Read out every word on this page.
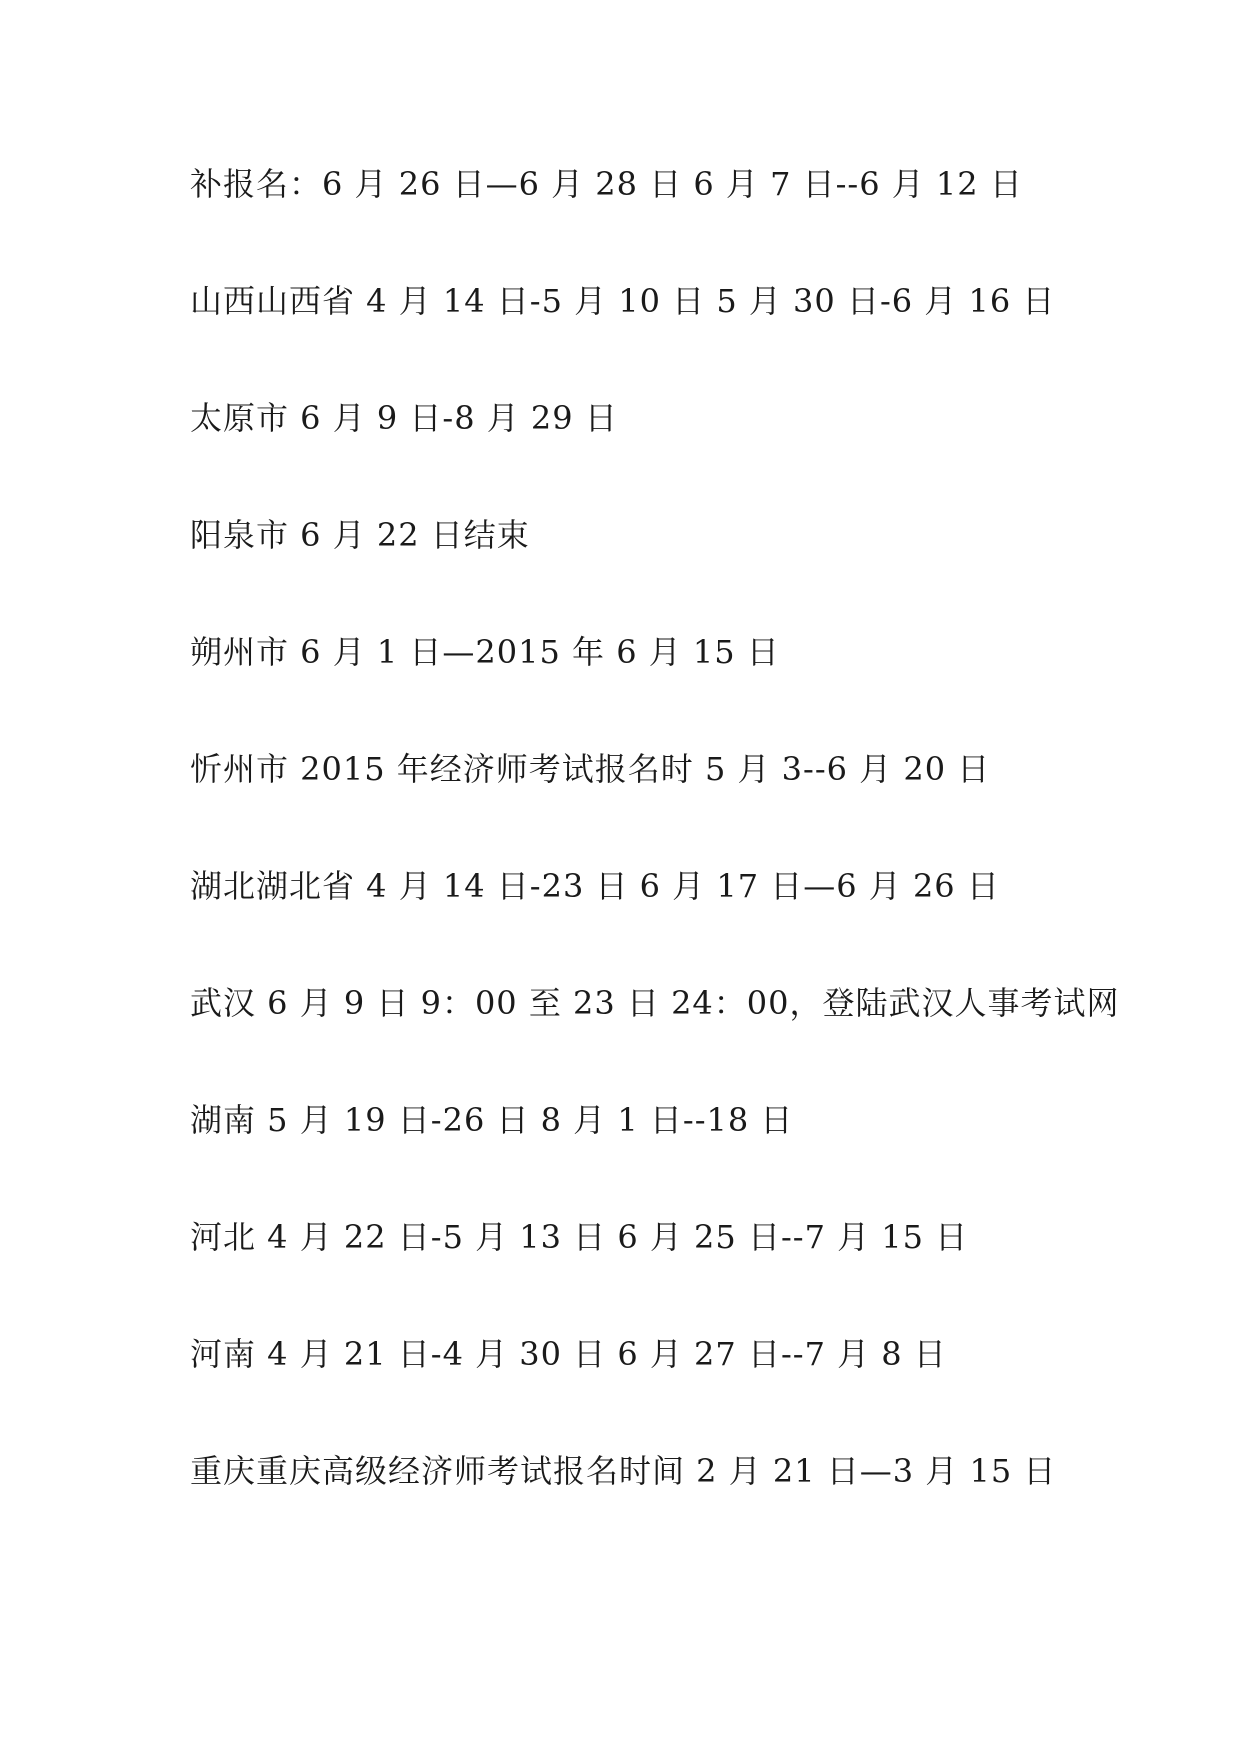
补报名：6 月 26 日—6 月 28 日 6 月 7 日--6 月 12 日
山西山西省 4 月 14 日-5 月 10 日 5 月 30 日-6 月 16 日
太原市 6 月 9 日-8 月 29 日
阳泉市 6 月 22 日结束
朔州市 6 月 1 日—2015 年 6 月 15 日
忻州市 2015 年经济师考试报名时 5 月 3--6 月 20 日
湖北湖北省 4 月 14 日-23 日 6 月 17 日—6 月 26 日
武汉 6 月 9 日 9：00 至 23 日 24：00，登陆武汉人事考试网
湖南 5 月 19 日-26 日 8 月 1 日--18 日
河北 4 月 22 日-5 月 13 日 6 月 25 日--7 月 15 日
河南 4 月 21 日-4 月 30 日 6 月 27 日--7 月 8 日
重庆重庆高级经济师考试报名时间 2 月 21 日—3 月 15 日
